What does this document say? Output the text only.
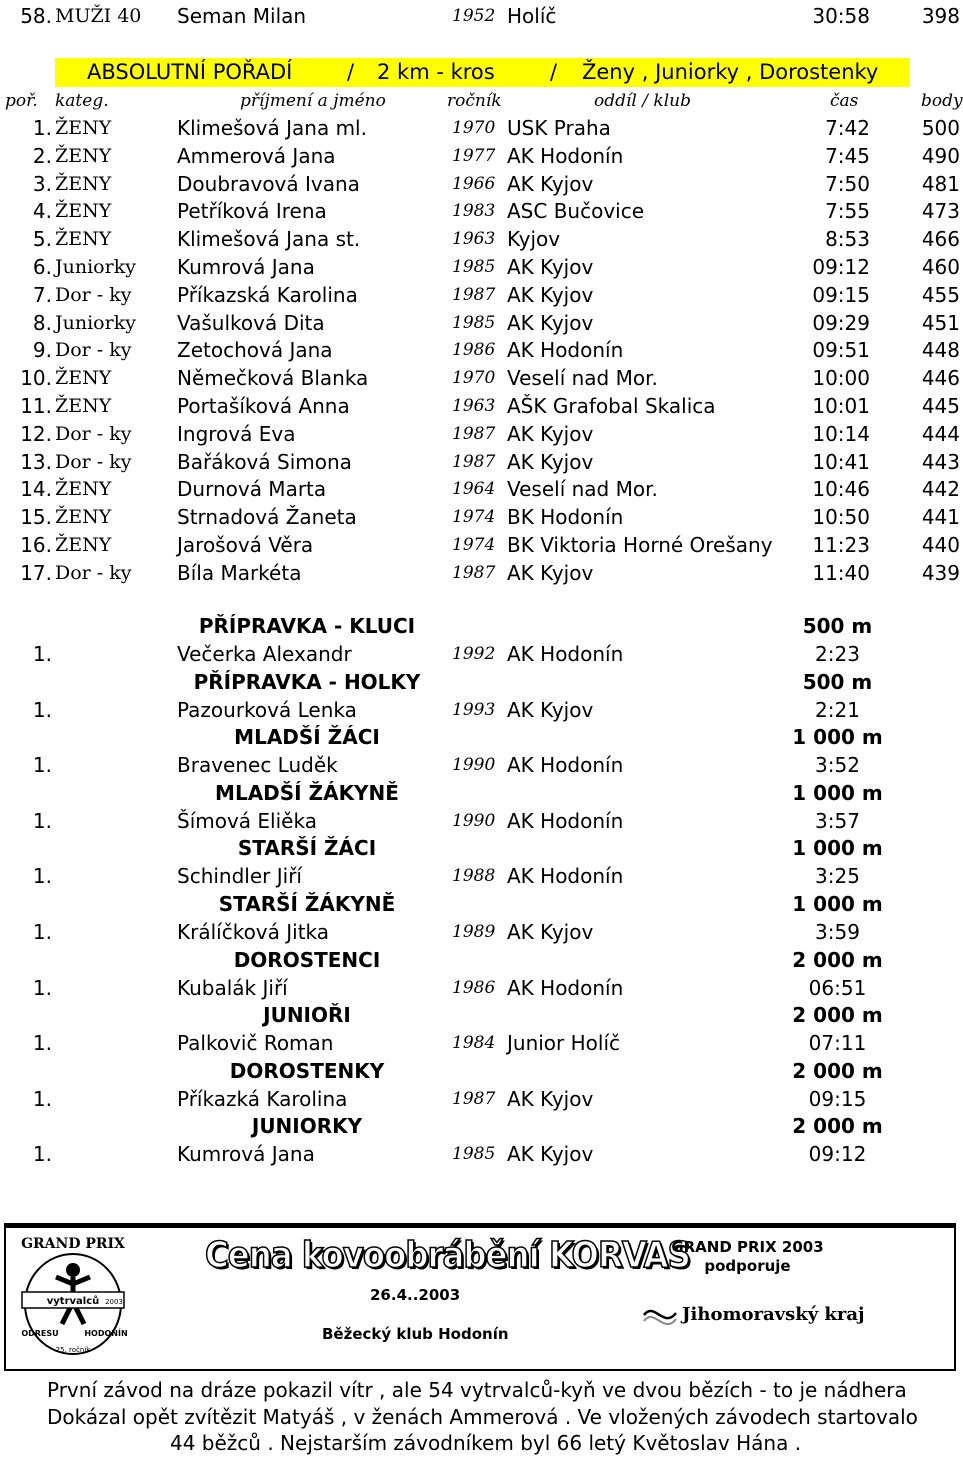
58. MUŽI 40 Seman Milan	1952 Holíč	30:58	398
ABSOLUTNÍ POŘADÍ	/ 2 km - kros	/ Ženy , Juniorky , Dorostenky
poř. kateg.	příjmení a jméno	ročník	oddíl / klub	čas	body
1. ŽENY	Klimešová Jana ml.	1970 USK Praha	7:42	500
2. ŽENY	Ammerová Jana	1977 AK Hodonín	7:45	490
3. ŽENY	Doubravová Ivana	1966 AK Kyjov	7:50	481
4. ŽENY	Petříková Irena	1983 ASC Bučovice	7:55	473
5. ŽENY	Klimešová Jana st.	1963 Kyjov	8:53	466
6. Juniorky Kumrová Jana	1985 AK Kyjov	09:12	460
7. Dor - ky Příkazská Karolina	1987 AK Kyjov	09:15	455
8. Juniorky Vašulková Dita	1985 AK Kyjov	09:29	451
9. Dor - ky Zetochová Jana	1986 AK Hodonín	09:51	448
10. ŽENY	Němečková Blanka	1970 Veselí nad Mor.	10:00	446
11. ŽENY	Portašíková Anna	1963 AŠK Grafobal Skalica	10:01	445
12. Dor - ky Ingrová Eva	1987 AK Kyjov	10:14	444
13. Dor - ky Bařáková Simona	1987 AK Kyjov	10:41	443
14. ŽENY	Durnová Marta	1964 Veselí nad Mor.	10:46	442
15. ŽENY	Strnadová Žaneta	1974 BK Hodonín	10:50	441
16. ŽENY	Jarošová Věra	1974 BK Viktoria Horné Orešany 11:23	440
17. Dor - ky Bíla Markéta	1987 AK Kyjov	11:40	439
PŘÍPRAVKA - KLUCI	500 m
1.	Večerka Alexandr	1992 AK Hodonín	2:23
PŘÍPRAVKA - HOLKY	500 m
1.	Pazourková Lenka	1993 AK Kyjov	2:21
MLADŠÍ ŽÁCI	1 000 m
1.	Bravenec Luděk	1990 AK Hodonín	3:52
MLADŠÍ ŽÁKYNĚ	1 000 m
1.	Šímová Eliěka	1990 AK Hodonín	3:57
STARŠÍ ŽÁCI	1 000 m
1.	Schindler Jiří	1988 AK Hodonín	3:25
STARŠÍ ŽÁKYNĚ	1 000 m
1.	Králíčková Jitka	1989 AK Kyjov	3:59
DOROSTENCI	2 000 m
1.	Kubalák Jiří	1986 AK Hodonín	06:51
JUNIOŘI	2 000 m
1.	Palkovič Roman	1984 Junior Holíč	07:11
DOROSTENKY	2 000 m
1.	Příkazká Karolina	1987 AK Kyjov	09:15
JUNIORKY	2 000 m
1.	Kumrová Jana	1985 AK Kyjov	09:12
GRAND PRIX
vytrvalců 2003
ODRESU	HODONÍN
25. ročník
Cena kovoobrábění KORVAS
GRAND PRIX 2003
podporuje
26.4..2003
Běžecký klub Hodonín
Jihomoravský kraj
První závod na dráze pokazil vítr , ale 54 vytrvalců-kyň ve dvou bězích - to je nádhera
Dokázal opět zvítězit Matyáš , v ženách Ammerová . Ve vložených závodech startovalo
44 běžců . Nejstarším závodníkem byl 66 letý Květoslav Hána .
